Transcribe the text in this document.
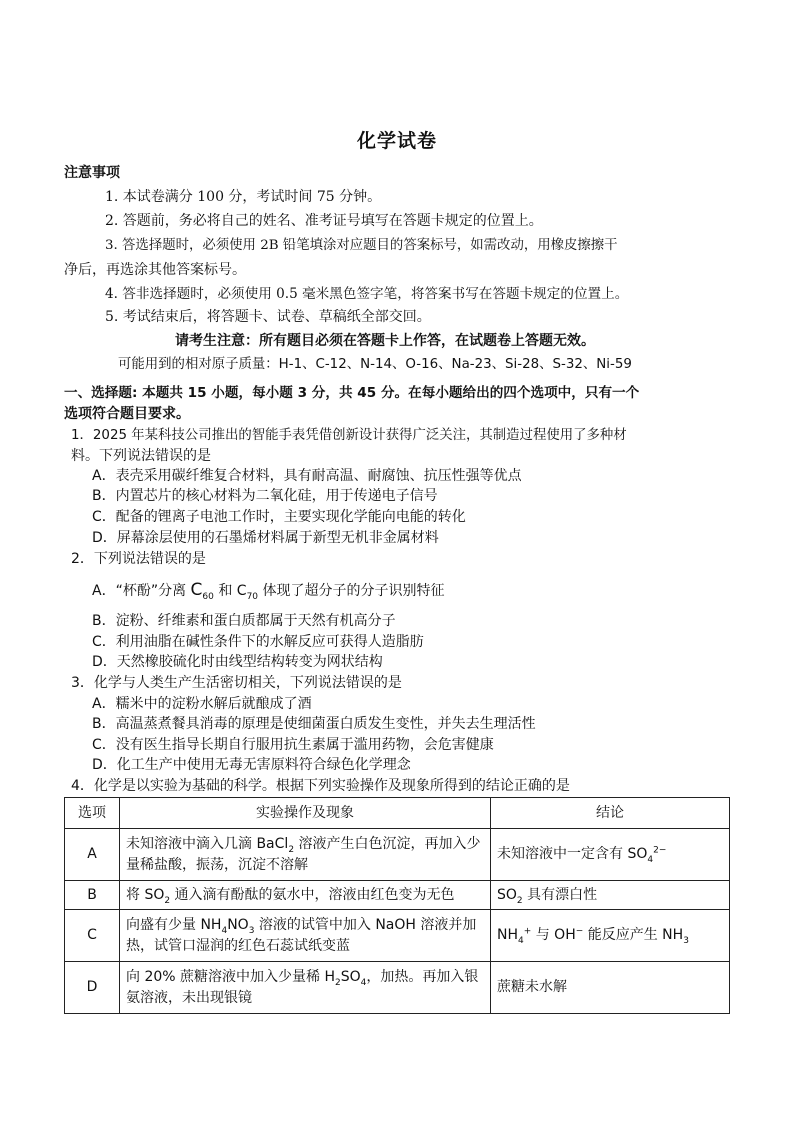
化学试卷
注意事项
1. 本试卷满分 100 分，考试时间 75 分钟。
2. 答题前，务必将自己的姓名、准考证号填写在答题卡规定的位置上。
3. 答选择题时，必须使用 2B 铅笔填涂对应题目的答案标号，如需改动，用橡皮擦擦干
净后，再选涂其他答案标号。
4. 答非选择题时，必须使用 0.5 毫米黑色签字笔，将答案书写在答题卡规定的位置上。
5. 考试结束后，将答题卡、试卷、草稿纸全部交回。
请考生注意：所有题目必须在答题卡上作答，在试题卷上答题无效。
可能用到的相对原子质量：H-1、C-12、N-14、O-16、Na-23、Si-28、S-32、Ni-59
一、选择题: 本题共 15 小题，每小题 3 分，共 45 分。在每小题给出的四个选项中，只有一个
选项符合题目要求。
1．2025 年某科技公司推出的智能手表凭借创新设计获得广泛关注，其制造过程使用了多种材
料。下列说法错误的是
A．表壳采用碳纤维复合材料，具有耐高温、耐腐蚀、抗压性强等优点
B．内置芯片的核心材料为二氧化硅，用于传递电子信号
C．配备的锂离子电池工作时，主要实现化学能向电能的转化
D．屏幕涂层使用的石墨烯材料属于新型无机非金属材料
2．下列说法错误的是
A．“杯酚”分离 $C_{60}$ 和 $C_{70}$ 体现了超分子的分子识别特征
B．淀粉、纤维素和蛋白质都属于天然有机高分子
C．利用油脂在碱性条件下的水解反应可获得人造脂肪
D．天然橡胶硫化时由线型结构转变为网状结构
3．化学与人类生产生活密切相关，下列说法错误的是
A．糯米中的淀粉水解后就酿成了酒
B．高温蒸煮餐具消毒的原理是使细菌蛋白质发生变性，并失去生理活性
C．没有医生指导长期自行服用抗生素属于滥用药物，会危害健康
D．化工生产中使用无毒无害原料符合绿色化学理念
4．化学是以实验为基础的科学。根据下列实验操作及现象所得到的结论正确的是
选项	实验操作及现象	结论
A	未知溶液中滴入几滴 BaCl$_2$ 溶液产生白色沉淀，再加入少量稀盐酸，振荡，沉淀不溶解	未知溶液中一定含有 $SO_4^{2-}$
B	将 $SO_2$ 通入滴有酚酞的氨水中，溶液由红色变为无色	$SO_2$ 具有漂白性
C	向盛有少量 $NH_4NO_3$ 溶液的试管中加入 NaOH 溶液并加热，试管口湿润的红色石蕊试纸变蓝	$NH_4^+$ 与 OH− 能反应产生 $NH_3$
D	向 20% 蔗糖溶液中加入少量稀 $H_2SO_4$，加热。再加入银氨溶液，未出现银镜	蔗糖未水解
